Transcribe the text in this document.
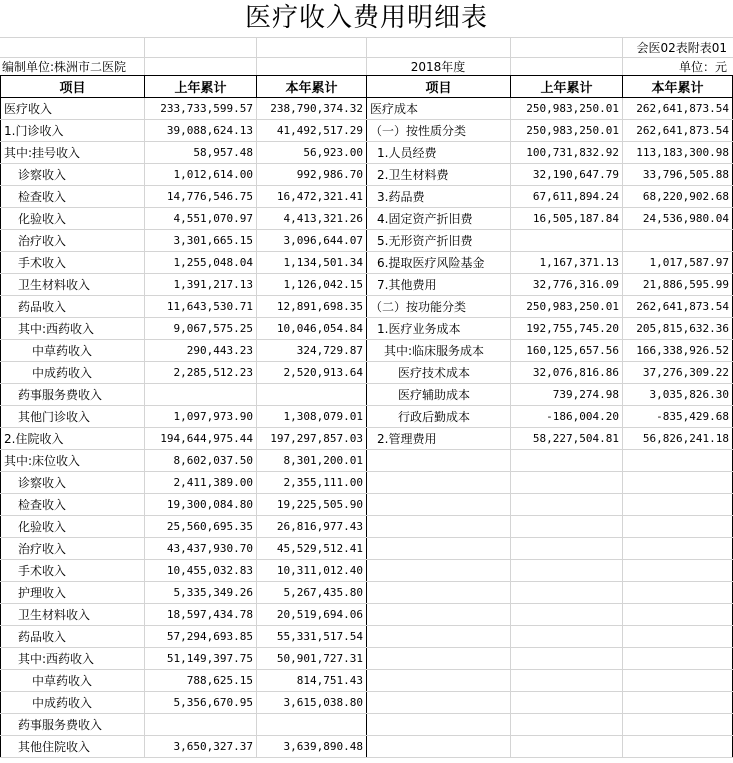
医疗收入费用明细表
会医02表附表01
编制单位:株洲市二医院	2018年度	单位：元
项目	上年累计	本年累计	项目	上年累计	本年累计
医疗收入	233,733,599.57	238,790,374.32	医疗成本	250,983,250.01	262,641,873.54
1.门诊收入	39,088,624.13	41,492,517.29	（一）按性质分类	250,983,250.01	262,641,873.54
其中:挂号收入	58,957.48	56,923.00	1.人员经费	100,731,832.92	113,183,300.98
诊察收入	1,012,614.00	992,986.70	2.卫生材料费	32,190,647.79	33,796,505.88
检查收入	14,776,546.75	16,472,321.41	3.药品费	67,611,894.24	68,220,902.68
化验收入	4,551,070.97	4,413,321.26	4.固定资产折旧费	16,505,187.84	24,536,980.04
治疗收入	3,301,665.15	3,096,644.07	5.无形资产折旧费		
手术收入	1,255,048.04	1,134,501.34	6.提取医疗风险基金	1,167,371.13	1,017,587.97
卫生材料收入	1,391,217.13	1,126,042.15	7.其他费用	32,776,316.09	21,886,595.99
药品收入	11,643,530.71	12,891,698.35	（二）按功能分类	250,983,250.01	262,641,873.54
其中:西药收入	9,067,575.25	10,046,054.84	1.医疗业务成本	192,755,745.20	205,815,632.36
中草药收入	290,443.23	324,729.87	其中:临床服务成本	160,125,657.56	166,338,926.52
中成药收入	2,285,512.23	2,520,913.64	医疗技术成本	32,076,816.86	37,276,309.22
药事服务费收入			医疗辅助成本	739,274.98	3,035,826.30
其他门诊收入	1,097,973.90	1,308,079.01	行政后勤成本	-186,004.20	-835,429.68
2.住院收入	194,644,975.44	197,297,857.03	2.管理费用	58,227,504.81	56,826,241.18
其中:床位收入	8,602,037.50	8,301,200.01			
诊察收入	2,411,389.00	2,355,111.00			
检查收入	19,300,084.80	19,225,505.90			
化验收入	25,560,695.35	26,816,977.43			
治疗收入	43,437,930.70	45,529,512.41			
手术收入	10,455,032.83	10,311,012.40			
护理收入	5,335,349.26	5,267,435.80			
卫生材料收入	18,597,434.78	20,519,694.06			
药品收入	57,294,693.85	55,331,517.54			
其中:西药收入	51,149,397.75	50,901,727.31			
中草药收入	788,625.15	814,751.43			
中成药收入	5,356,670.95	3,615,038.80			
药事服务费收入					
其他住院收入	3,650,327.37	3,639,890.48			
